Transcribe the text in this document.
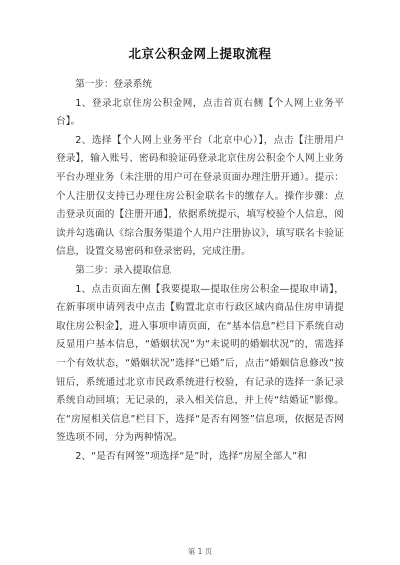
北京公积金网上提取流程

第一步：登录系统

1、登录北京住房公积金网，点击首页右侧【个人网上业务平台】。

2、选择【个人网上业务平台（北京中心）】，点击【注册用户登录】，输入账号、密码和验证码登录北京住房公积金个人网上业务平台办理业务（未注册的用户可在登录页面办理注册开通）。提示：个人注册仅支持已办理住房公积金联名卡的缴存人。操作步骤：点击登录页面的【注册开通】，依据系统提示，填写校验个人信息，阅读并勾选确认《综合服务渠道个人用户注册协议》，填写联名卡验证信息，设置交易密码和登录密码，完成注册。

第二步：录入提取信息

1、点击页面左侧【我要提取—提取住房公积金—提取申请】，在新事项申请列表中点击【购置北京市行政区域内商品住房申请提取住房公积金】，进入事项申请页面，在“基本信息”栏目下系统自动反显用户基本信息，“婚姻状况”为“未说明的婚姻状况”的，需选择一个有效状态，“婚姻状况”选择“已婚”后，点击“婚姻信息修改”按钮后，系统通过北京市民政系统进行校验，有记录的选择一条记录系统自动回填；无记录的，录入相关信息，并上传“结婚证”影像。在“房屋相关信息”栏目下，选择“是否有网签”信息项，依据是否网签选项不同，分为两种情况。

2、“是否有网签”项选择“是”时，选择“房屋全部人”和

第 1 页
